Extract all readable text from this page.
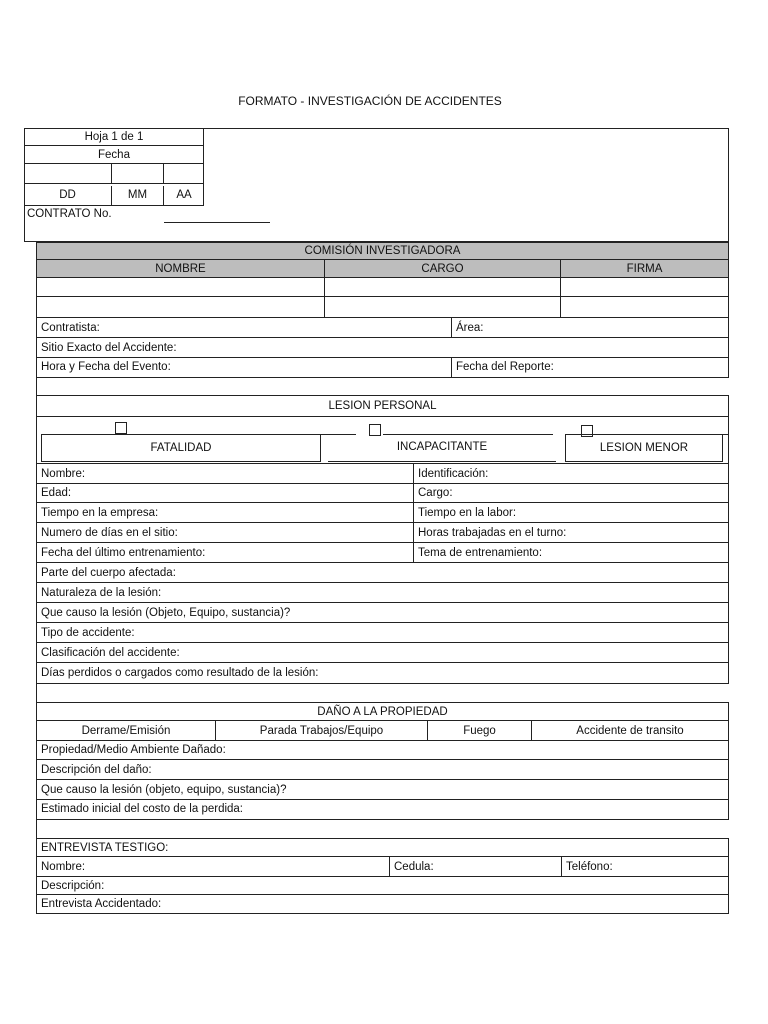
FORMATO - INVESTIGACIÓN DE ACCIDENTES
Hoja 1 de 1
Fecha
DD	MM	AA
CONTRATO No.
COMISIÓN INVESTIGADORA
NOMBRE	CARGO	FIRMA
Contratista:	Área:
Sitio Exacto del Accidente:
Hora y Fecha del Evento:	Fecha del Reporte:
LESION PERSONAL
FATALIDAD	INCAPACITANTE	LESION MENOR
Nombre:	Identificación:
Edad:	Cargo:
Tiempo en la empresa:	Tiempo en la labor:
Numero de días en el sitio:	Horas trabajadas en el turno:
Fecha del último entrenamiento:	Tema de entrenamiento:
Parte del cuerpo afectada:
Naturaleza de la lesión:
Que causo la lesión (Objeto, Equipo, sustancia)?
Tipo de accidente:
Clasificación del accidente:
Días perdidos o cargados como resultado de la lesión:
DAÑO A LA PROPIEDAD
Derrame/Emisión	Parada Trabajos/Equipo	Fuego	Accidente de transito
Propiedad/Medio Ambiente Dañado:
Descripción del daño:
Que causo la lesión (objeto, equipo, sustancia)?
Estimado inicial del costo de la perdida:
ENTREVISTA TESTIGO:
Nombre:	Cedula:	Teléfono:
Descripción:
Entrevista Accidentado:
